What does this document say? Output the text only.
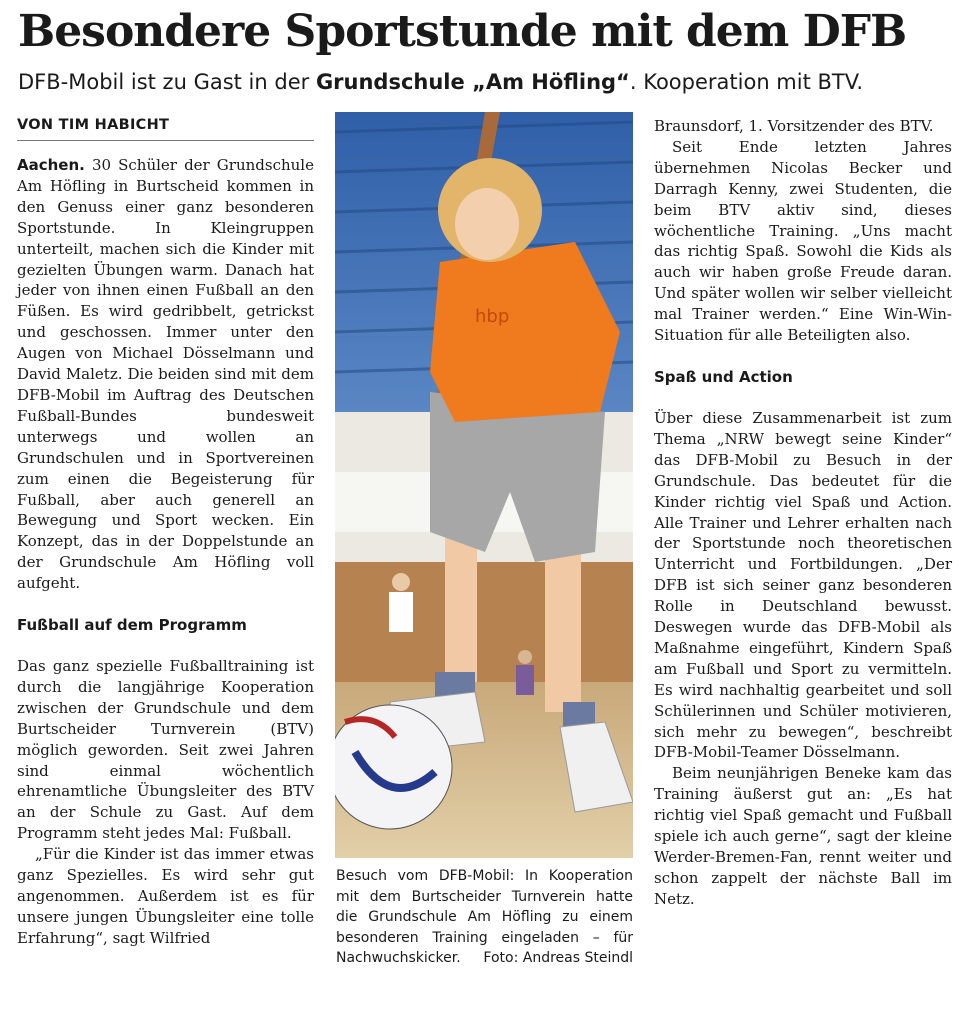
Besondere Sportstunde mit dem DFB
DFB-Mobil ist zu Gast in der Grundschule „Am Höfling“. Kooperation mit BTV.
VON TIM HABICHT

Aachen. 30 Schüler der Grundschule Am Höfling in Burtscheid kommen in den Genuss einer ganz besonderen Sportstunde. In Kleingruppen unterteilt, machen sich die Kinder mit gezielten Übungen warm. Danach hat jeder von ihnen einen Fußball an den Füßen. Es wird gedribbelt, getrickst und geschossen. Immer unter den Augen von Michael Dösselmann und David Maletz. Die beiden sind mit dem DFB-Mobil im Auftrag des Deutschen Fußball-Bundes bundesweit unterwegs und wollen an Grundschulen und in Sportvereinen zum einen die Begeisterung für Fußball, aber auch generell an Bewegung und Sport wecken. Ein Konzept, das in der Doppelstunde an der Grundschule Am Höfling voll aufgeht.

Fußball auf dem Programm

Das ganz spezielle Fußballtraining ist durch die langjährige Kooperation zwischen der Grundschule und dem Burtscheider Turnverein (BTV) möglich geworden. Seit zwei Jahren sind einmal wöchentlich ehrenamtliche Übungsleiter des BTV an der Schule zu Gast. Auf dem Programm steht jedes Mal: Fußball.

„Für die Kinder ist das immer etwas ganz Spezielles. Es wird sehr gut angenommen. Außerdem ist es für unsere jungen Übungsleiter eine tolle Erfahrung“, sagt Wilfried

hbp
Besuch vom DFB-Mobil: In Kooperation mit dem Burtscheider Turnverein hatte die Grundschule Am Höfling zu einem besonderen Training eingeladen – für Nachwuchskicker. Foto: Andreas Steindl

Braunsdorf, 1. Vorsitzender des BTV.

Seit Ende letzten Jahres übernehmen Nicolas Becker und Darragh Kenny, zwei Studenten, die beim BTV aktiv sind, dieses wöchentliche Training. „Uns macht das richtig Spaß. Sowohl die Kids als auch wir haben große Freude daran. Und später wollen wir selber vielleicht mal Trainer werden.“ Eine Win-Win-Situation für alle Beteiligten also.

Spaß und Action

Über diese Zusammenarbeit ist zum Thema „NRW bewegt seine Kinder“ das DFB-Mobil zu Besuch in der Grundschule. Das bedeutet für die Kinder richtig viel Spaß und Action. Alle Trainer und Lehrer erhalten nach der Sportstunde noch theoretischen Unterricht und Fortbildungen. „Der DFB ist sich seiner ganz besonderen Rolle in Deutschland bewusst. Deswegen wurde das DFB-Mobil als Maßnahme eingeführt, Kindern Spaß am Fußball und Sport zu vermitteln. Es wird nachhaltig gearbeitet und soll Schülerinnen und Schüler motivieren, sich mehr zu bewegen“, beschreibt DFB-Mobil-Teamer Dösselmann.

Beim neunjährigen Beneke kam das Training äußerst gut an: „Es hat richtig viel Spaß gemacht und Fußball spiele ich auch gerne“, sagt der kleine Werder-Bremen-Fan, rennt weiter und schon zappelt der nächste Ball im Netz.
